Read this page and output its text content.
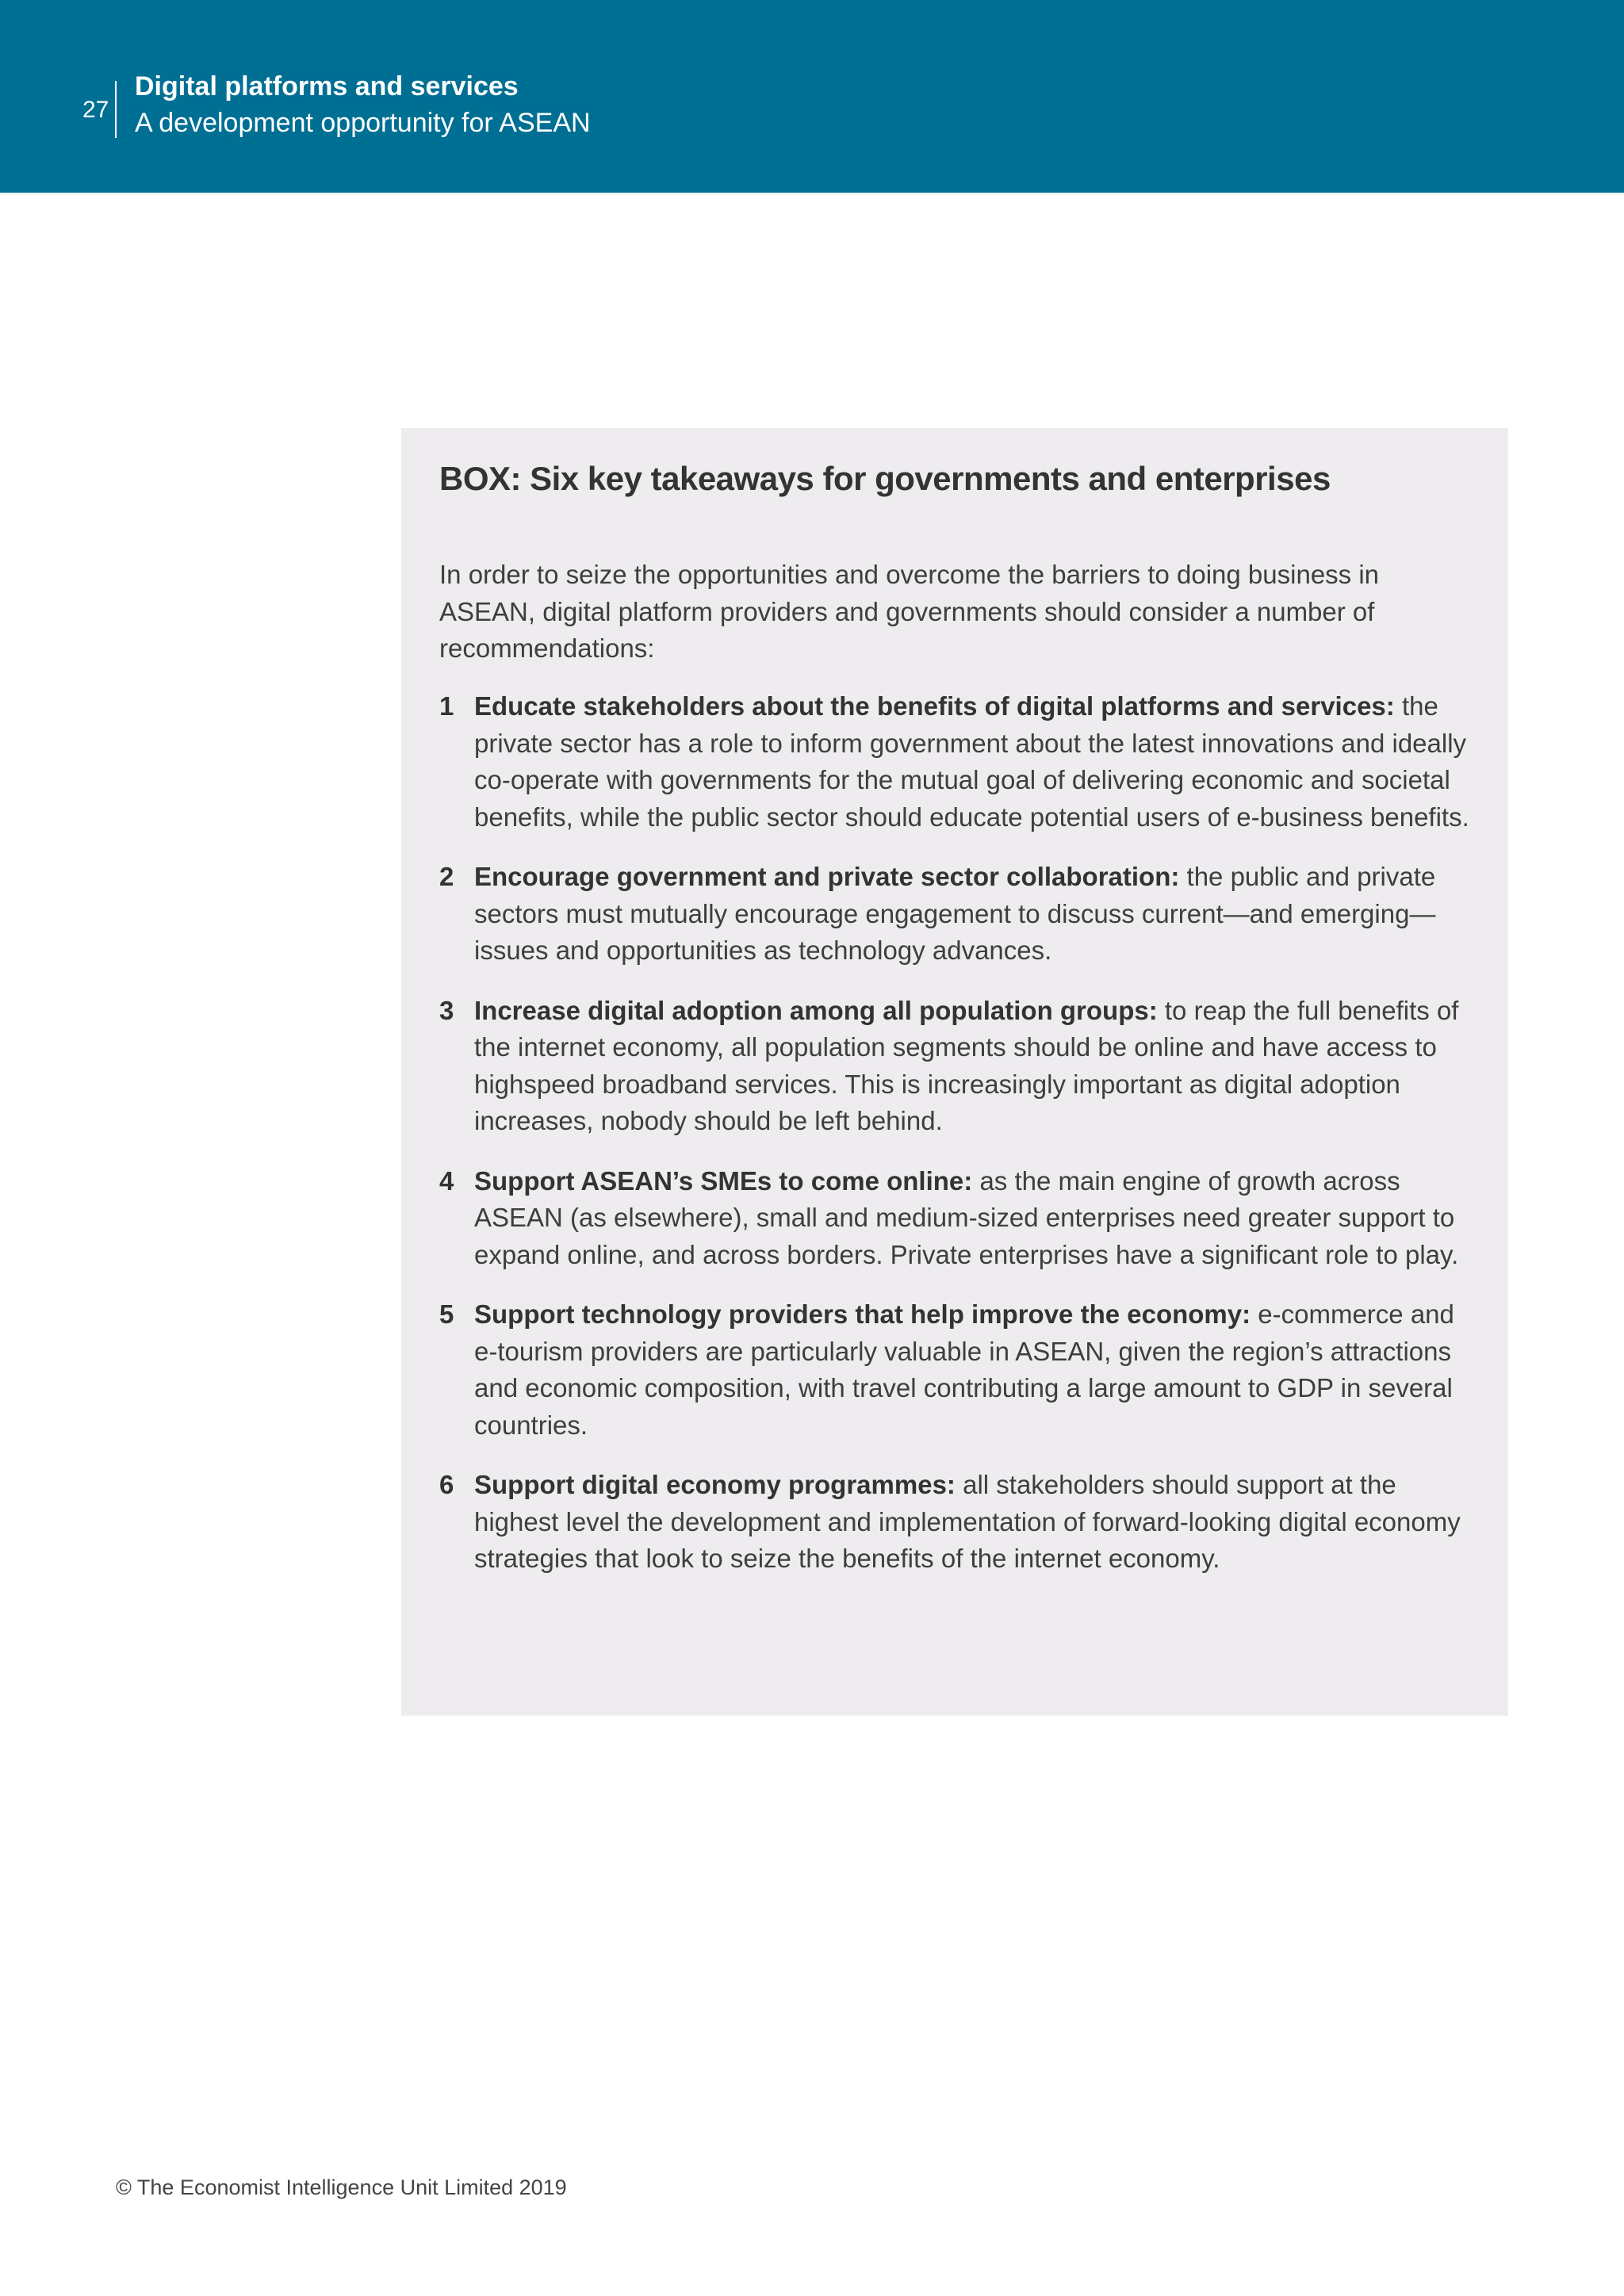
27
Digital platforms and services
A development opportunity for ASEAN
BOX: Six key takeaways for governments and enterprises

In order to seize the opportunities and overcome the barriers to doing business in ASEAN, digital platform providers and governments should consider a number of recommendations:

1 Educate stakeholders about the benefits of digital platforms and services: the private sector has a role to inform government about the latest innovations and ideally co-operate with governments for the mutual goal of delivering economic and societal benefits, while the public sector should educate potential users of e-business benefits.
2 Encourage government and private sector collaboration: the public and private sectors must mutually encourage engagement to discuss current—and emerging—issues and opportunities as technology advances.
3 Increase digital adoption among all population groups: to reap the full benefits of the internet economy, all population segments should be online and have access to highspeed broadband services. This is increasingly important as digital adoption increases, nobody should be left behind.
4 Support ASEAN’s SMEs to come online: as the main engine of growth across ASEAN (as elsewhere), small and medium-sized enterprises need greater support to expand online, and across borders. Private enterprises have a significant role to play.
5 Support technology providers that help improve the economy: e-commerce and e-tourism providers are particularly valuable in ASEAN, given the region’s attractions and economic composition, with travel contributing a large amount to GDP in several countries.
6 Support digital economy programmes: all stakeholders should support at the highest level the development and implementation of forward-looking digital economy strategies that look to seize the benefits of the internet economy.
© The Economist Intelligence Unit Limited 2019
